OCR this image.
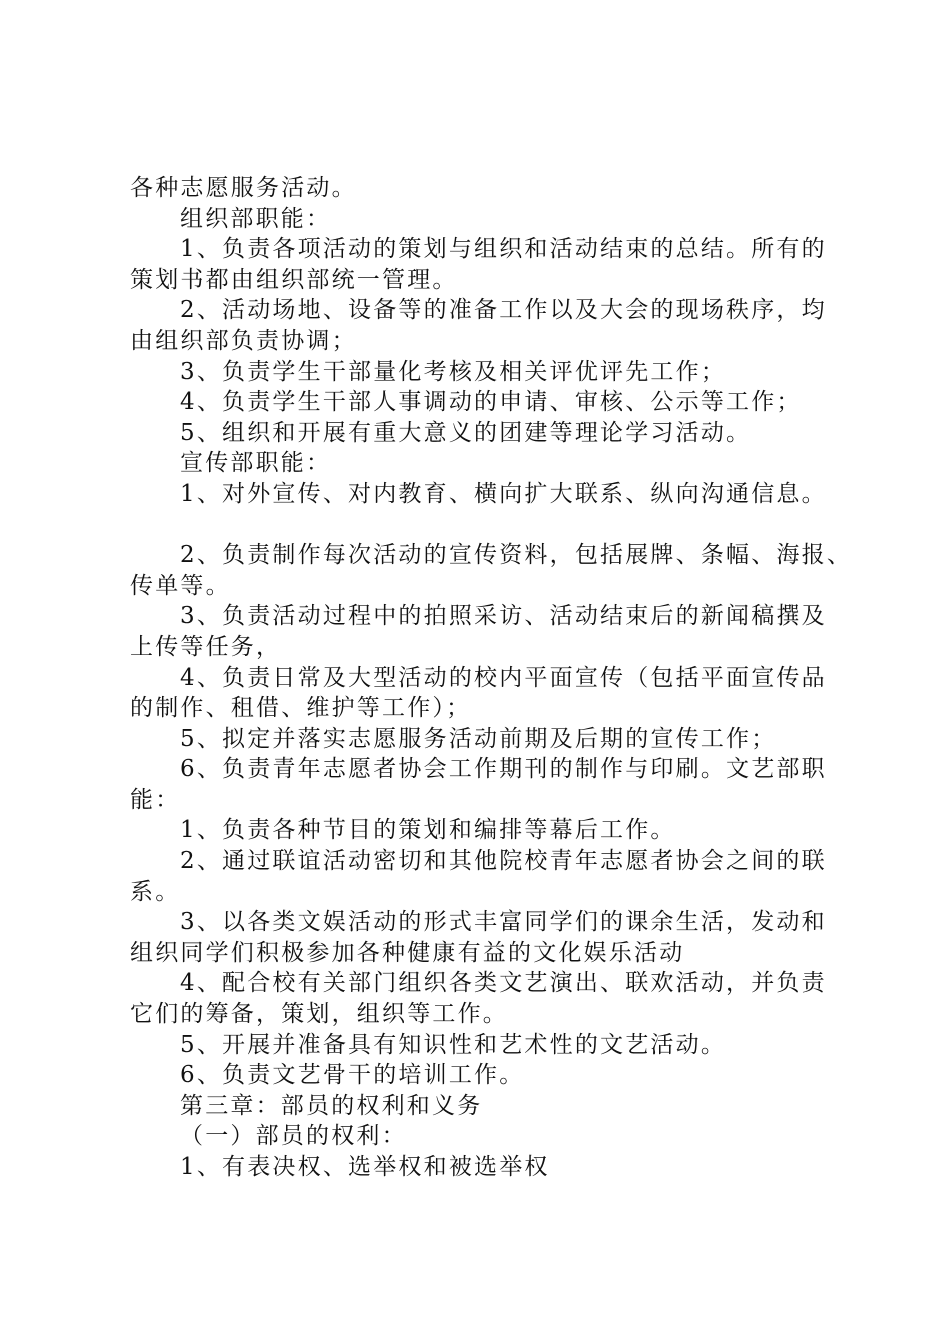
各种志愿服务活动。
组织部职能：
1、负责各项活动的策划与组织和活动结束的总结。所有的
策划书都由组织部统一管理。
2、活动场地、设备等的准备工作以及大会的现场秩序，均
由组织部负责协调；
3、负责学生干部量化考核及相关评优评先工作；
4、负责学生干部人事调动的申请、审核、公示等工作；
5、组织和开展有重大意义的团建等理论学习活动。
宣传部职能：
1、对外宣传、对内教育、横向扩大联系、纵向沟通信息。
2、负责制作每次活动的宣传资料，包括展牌、条幅、海报、
传单等。
3、负责活动过程中的拍照采访、活动结束后的新闻稿撰及
上传等任务，
4、负责日常及大型活动的校内平面宣传（包括平面宣传品
的制作、租借、维护等工作）；
5、拟定并落实志愿服务活动前期及后期的宣传工作；
6、负责青年志愿者协会工作期刊的制作与印刷。文艺部职
能：
1、负责各种节目的策划和编排等幕后工作。
2、通过联谊活动密切和其他院校青年志愿者协会之间的联
系。
3、以各类文娱活动的形式丰富同学们的课余生活，发动和
组织同学们积极参加各种健康有益的文化娱乐活动
4、配合校有关部门组织各类文艺演出、联欢活动，并负责
它们的筹备，策划，组织等工作。
5、开展并准备具有知识性和艺术性的文艺活动。
6、负责文艺骨干的培训工作。
第三章：部员的权利和义务
（一）部员的权利：
1、有表决权、选举权和被选举权
